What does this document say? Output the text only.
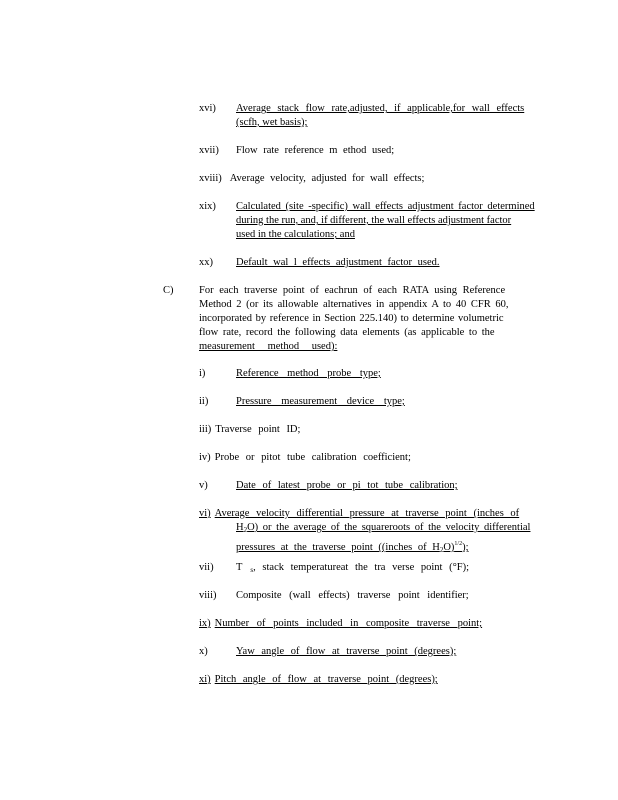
xvi) Average stack flow rate,adjusted, if applicable,for wall effects
(scfh, wet basis);
xvii) Flow rate reference m ethod used;
xviii) Average velocity, adjusted for wall effects;
xix) Calculated (site -specific) wall effects adjustment factor determined
during the run, and, if different, the wall effects adjustment factor
used in the calculations; and
xx) Default wal l effects adjustment factor used.
C) For each traverse point of eachrun of each RATA using Reference
Method 2 (or its allowable alternatives in appendix A to 40 CFR 60,
incorporated by reference in Section 225.140) to determine volumetric
flow rate, record the following data elements (as applicable to the
measurement method used):
i)	Reference method probe type;
ii)	Pressure measurement device type;
iii) Traverse point ID;
iv) Probe or pitot tube calibration coefficient;
v)	Date of latest probe or pi tot tube calibration;
vi) Average velocity differential pressure at traverse point (inches of
$H_2O$) or the average of the squareroots of the velocity differential
pressures at the traverse point ((inches of $H_2O)^{1/2}$);
vii) T $_s$, stack temperatureat the tra verse point (°F);
viii) Composite (wall effects) traverse point identifier;
ix) Number of points included in composite traverse point;
x)	Yaw angle of flow at traverse point (degrees);
xi) Pitch angle of flow at traverse point (degrees);
